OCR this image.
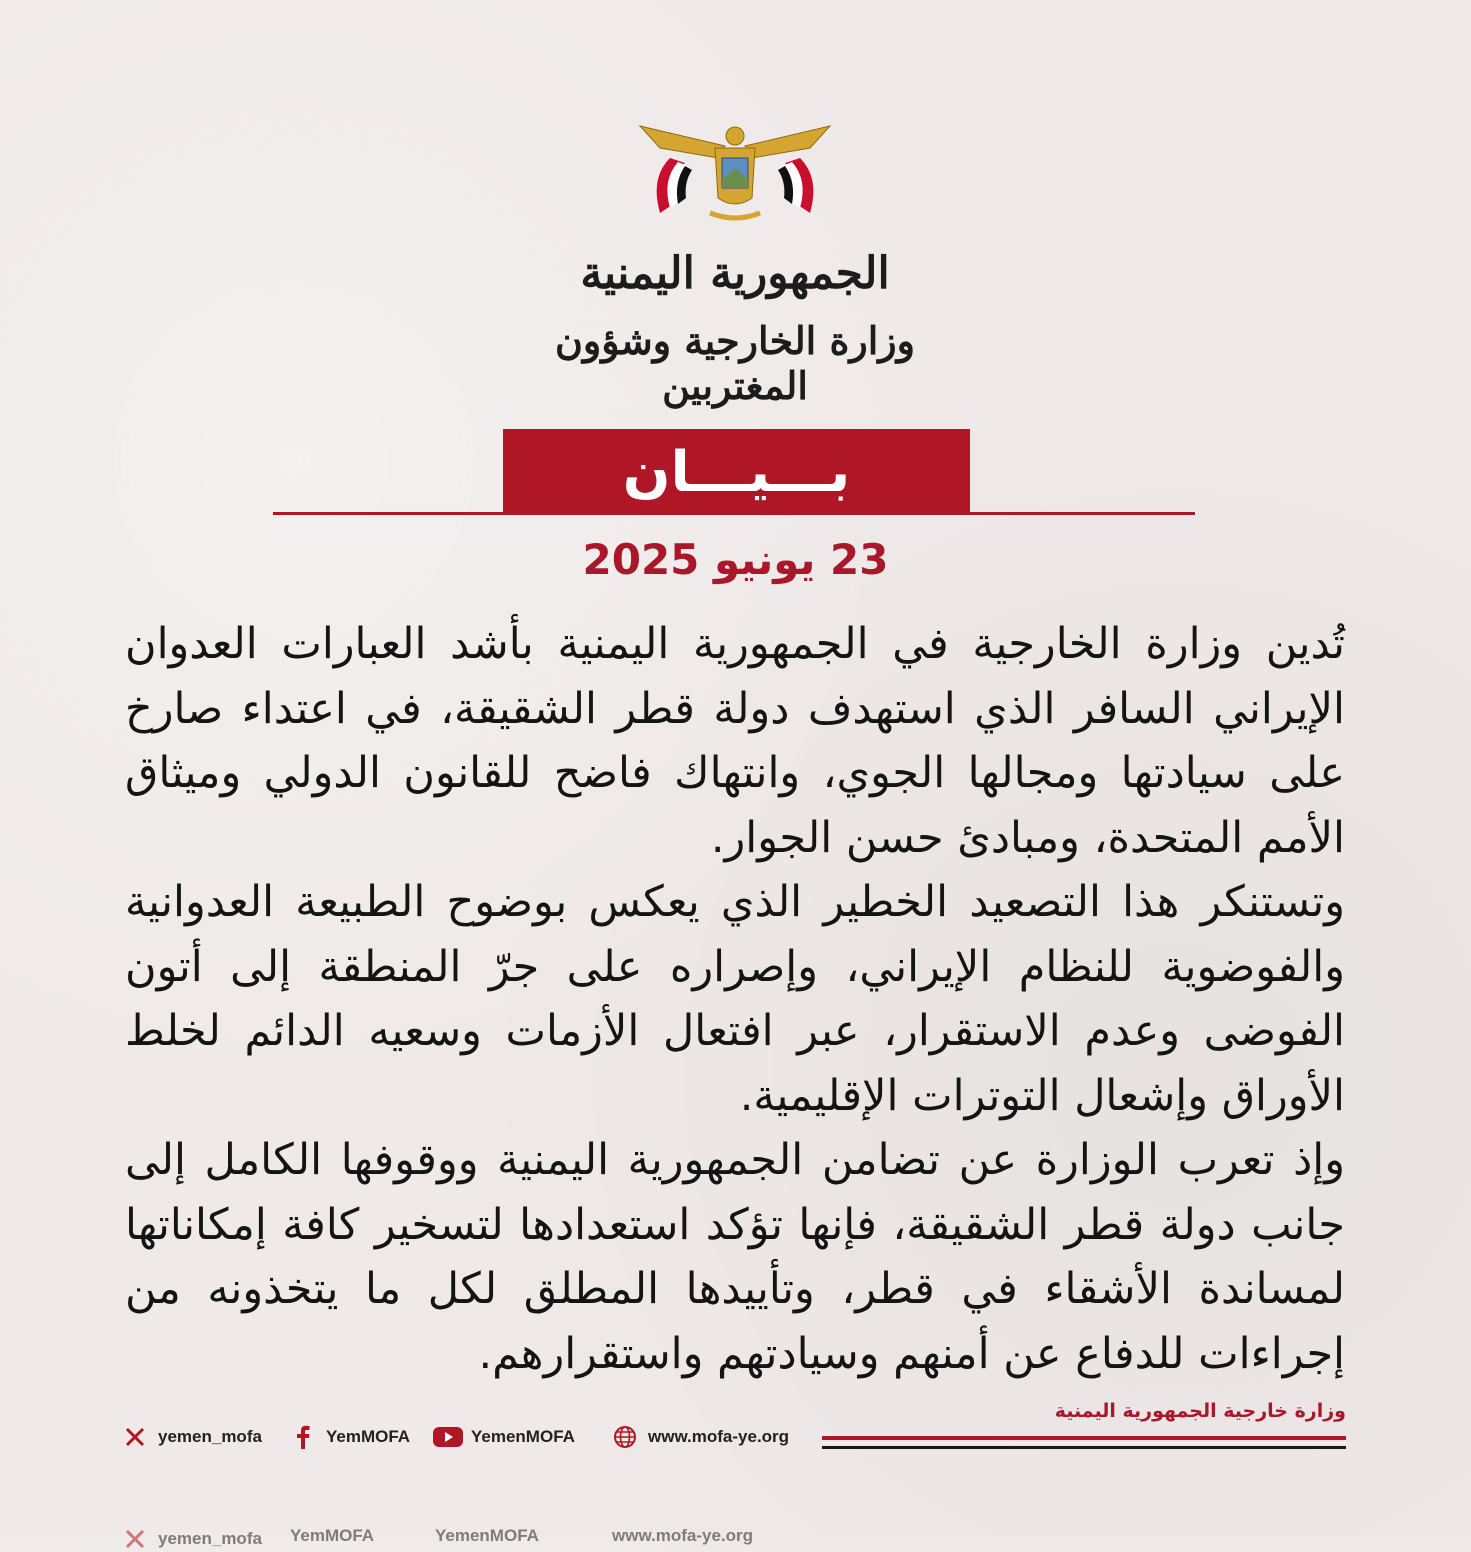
الجمهورية اليمنية
وزارة الخارجية وشؤون المغتربين
بـــيـــان
23 يونيو 2025

تُدين وزارة الخارجية في الجمهورية اليمنية بأشد العبارات العدوان الإيراني السافر الذي استهدف دولة قطر الشقيقة، في اعتداء صارخ على سيادتها ومجالها الجوي، وانتهاك فاضح للقانون الدولي وميثاق الأمم المتحدة، ومبادئ حسن الجوار.

وتستنكر هذا التصعيد الخطير الذي يعكس بوضوح الطبيعة العدوانية والفوضوية للنظام الإيراني، وإصراره على جرّ المنطقة إلى أتون الفوضى وعدم الاستقرار، عبر افتعال الأزمات وسعيه الدائم لخلط الأوراق وإشعال التوترات الإقليمية.

وإذ تعرب الوزارة عن تضامن الجمهورية اليمنية ووقوفها الكامل إلى جانب دولة قطر الشقيقة، فإنها تؤكد استعدادها لتسخير كافة إمكاناتها لمساندة الأشقاء في قطر، وتأييدها المطلق لكل ما يتخذونه من إجراءات للدفاع عن أمنهم وسيادتهم واستقرارهم.

وزارة خارجية الجمهورية اليمنية
yemen_mofa	YemMOFA	YemenMOFA	www.mofa-ye.org
yemen_mofa YemMOFA	YemenMOFA	www.mofa-ye.org
